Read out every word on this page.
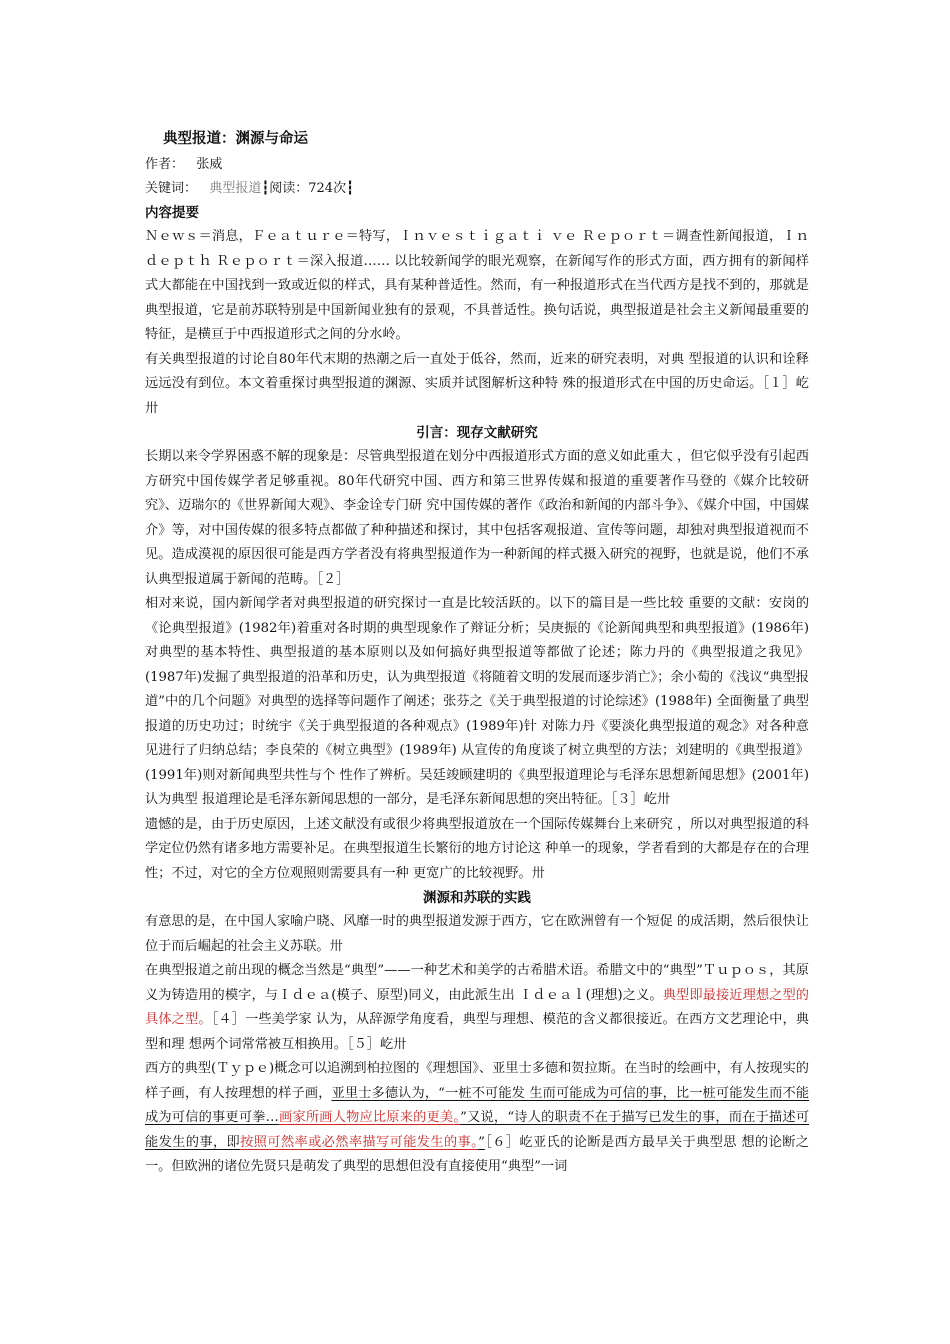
典型报道：渊源与命运
作者： 张威
关键词： 典型报道┇阅读：724次┇
内容提要

Ｎｅｗｓ＝消息，Ｆｅａｔｕｒｅ＝特写，Ｉｎｖｅｓｔｉｇａｔｉ ｖｅ Ｒｅｐｏｒｔ＝调查性新闻报道，Ｉｎｄｅｐｔｈ Ｒｅｐｏｒｔ＝深入报道…… 以比较新闻学的眼光观察，在新闻写作的形式方面，西方拥有的新闻样式大都能在中国找到一致或近似的样式，具有某种普适性。然而，有一种报道形式在当代西方是找不到的，那就是典型报道，它是前苏联特别是中国新闻业独有的景观，不具普适性。换句话说，典型报道是社会主义新闻最重要的特征，是横亘于中西报道形式之间的分水岭。

有关典型报道的讨论自80年代末期的热潮之后一直处于低谷，然而，近来的研究表明，对典 型报道的认识和诠释远远没有到位。本文着重探讨典型报道的渊源、实质并试图解析这种特 殊的报道形式在中国的历史命运。［１］屹卅

引言：现存文献研究

长期以来令学界困惑不解的现象是：尽管典型报道在划分中西报道形式方面的意义如此重大 ，但它似乎没有引起西方研究中国传媒学者足够重视。80年代研究中国、西方和第三世界传媒和报道的重要著作马登的《媒介比较研究》、迈瑞尔的《世界新闻大观》、李金诠专门研 究中国传媒的著作《政治和新闻的内部斗争》、《媒介中国，中国媒介》等，对中国传媒的很多特点都做了种种描述和探讨，其中包括客观报道、宣传等问题，却独对典型报道视而不见。造成漠视的原因很可能是西方学者没有将典型报道作为一种新闻的样式摄入研究的视野，也就是说，他们不承认典型报道属于新闻的范畴。［２］

相对来说，国内新闻学者对典型报道的研究探讨一直是比较活跃的。以下的篇目是一些比较 重要的文献：安岗的《论典型报道》(1982年)着重对各时期的典型现象作了辩证分析；吴庚振的《论新闻典型和典型报道》(1986年)对典型的基本特性、典型报道的基本原则以及如何搞好典型报道等都做了论述；陈力丹的《典型报道之我见》(1987年)发掘了典型报道的沿革和历史，认为典型报道《将随着文明的发展而逐步消亡》；余小萄的《浅议“典型报道”中的几个问题》对典型的选择等问题作了阐述；张芬之《关于典型报道的讨论综述》(1988年) 全面衡量了典型报道的历史功过；时统宇《关于典型报道的各种观点》(1989年)针 对陈力丹《要淡化典型报道的观念》对各种意见进行了归纳总结；李良荣的《树立典型》(1989年) 从宣传的角度谈了树立典型的方法；刘建明的《典型报道》(1991年)则对新闻典型共性与个 性作了辨析。吴廷竣顾建明的《典型报道理论与毛泽东思想新闻思想》(2001年)认为典型 报道理论是毛泽东新闻思想的一部分，是毛泽东新闻思想的突出特征。［３］屹卅

遗憾的是，由于历史原因，上述文献没有或很少将典型报道放在一个国际传媒舞台上来研究 ，所以对典型报道的科学定位仍然有诸多地方需要补足。在典型报道生长繁衍的地方讨论这 种单一的现象，学者看到的大都是存在的合理性；不过，对它的全方位观照则需要具有一种 更宽广的比较视野。卅

渊源和苏联的实践

有意思的是，在中国人家喻户晓、风靡一时的典型报道发源于西方，它在欧洲曾有一个短促 的成活期，然后很快让位于而后崛起的社会主义苏联。卅

在典型报道之前出现的概念当然是“典型”——一种艺术和美学的古希腊术语。希腊文中的“典型”Ｔｕｐｏｓ，其原义为铸造用的模字，与Ｉｄｅａ(模子、原型)同义，由此派生出 Ｉｄｅａｌ(理想)之义。典型即最接近理想之型的具体之型。［４］一些美学家 认为，从辞源学角度看，典型与理想、模范的含义都很接近。在西方文艺理论中，典型和理 想两个词常常被互相换用。［５］屹卅

西方的典型(Ｔｙｐｅ)概念可以追溯到柏拉图的《理想国》、亚里士多德和贺拉斯。在当时的绘画中，有人按现实的样子画，有人按理想的样子画，亚里士多德认为，“一桩不可能发 生而可能成为可信的事，比一桩可能发生而不能成为可信的事更可拳…画家所画人物应比原来的更美。”又说，“诗人的职责不在于描写已发生的事，而在于描述可能发生的事，即按照可然率或必然率描写可能发生的事。”［６］屹亚氏的论断是西方最早关于典型思 想的论断之一。但欧洲的诸位先贤只是萌发了典型的思想但没有直接使用“典型”一词
